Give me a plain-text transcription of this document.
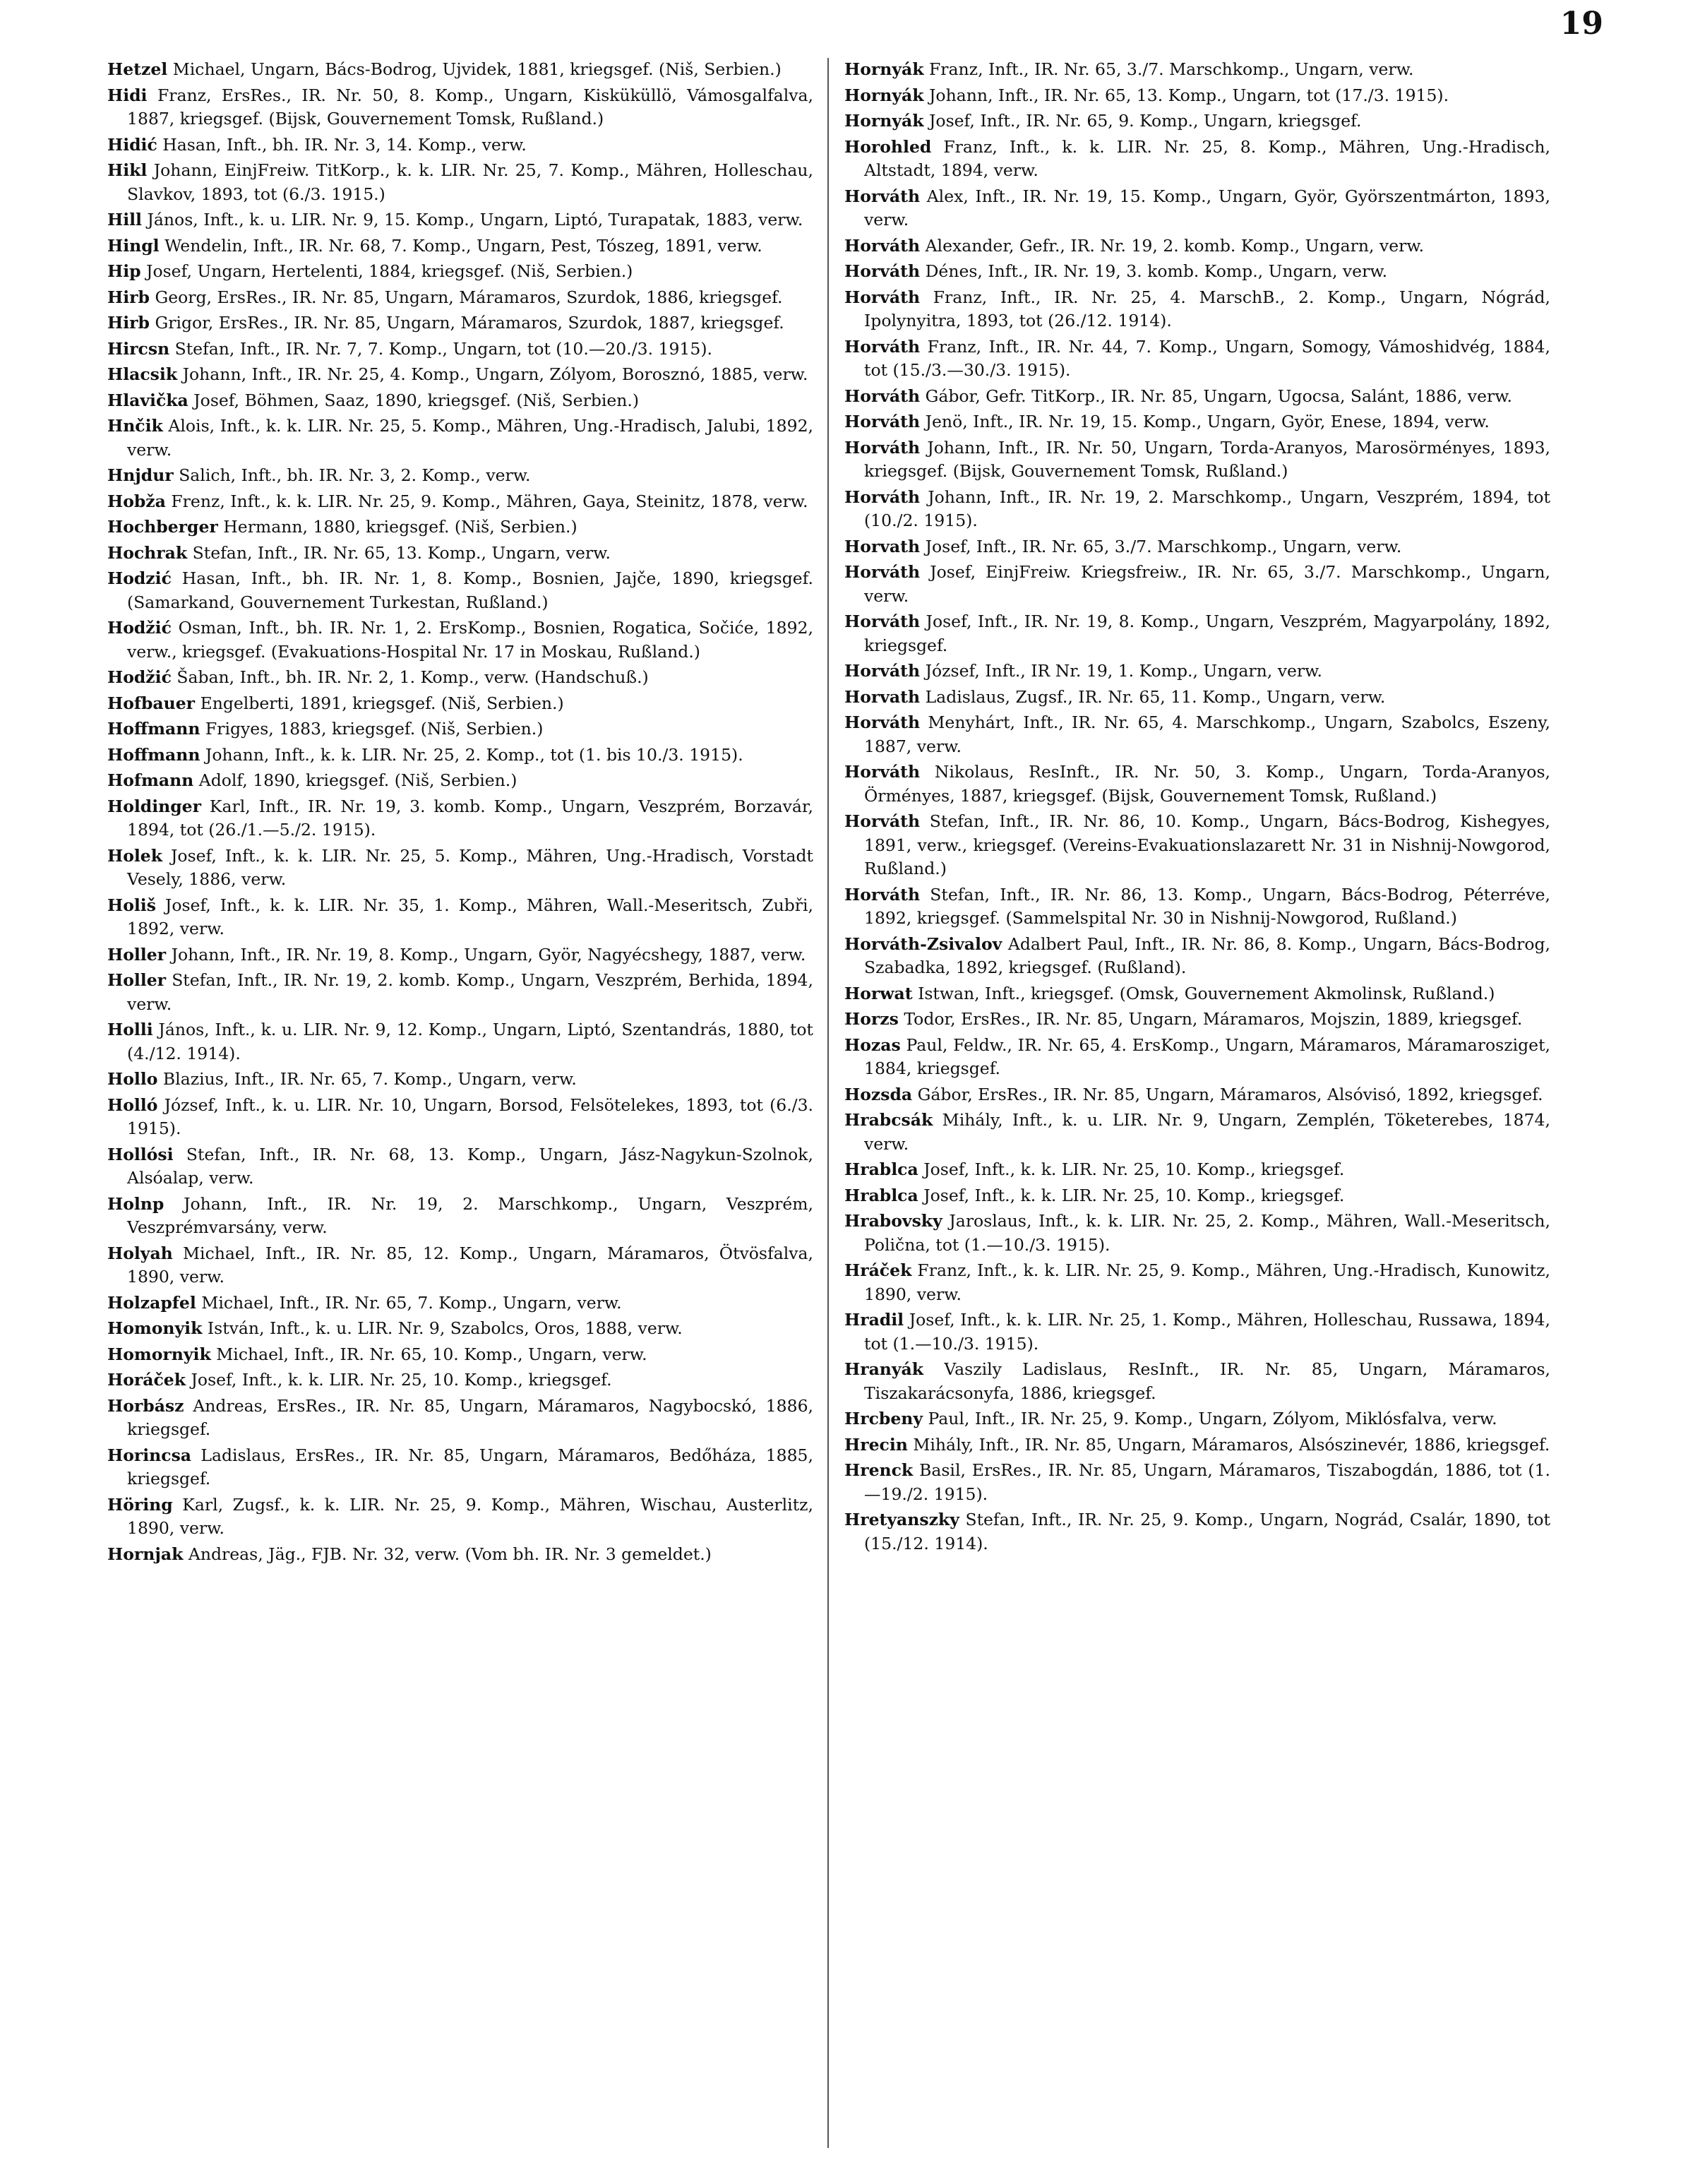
19

Hetzel Michael, Ungarn, Bács-Bodrog, Ujvidek, 1881, kriegsgef. (Niš, Serbien.)

Hidi Franz, ErsRes., IR. Nr. 50, 8. Komp., Ungarn, Kisküküllö, Vámosgalfalva, 1887, kriegsgef. (Bijsk, Gouvernement Tomsk, Rußland.)

Hidić Hasan, Inft., bh. IR. Nr. 3, 14. Komp., verw.

Hikl Johann, EinjFreiw. TitKorp., k. k. LIR. Nr. 25, 7. Komp., Mähren, Holleschau, Slavkov, 1893, tot (6./3. 1915.)

Hill János, Inft., k. u. LIR. Nr. 9, 15. Komp., Ungarn, Liptó, Turapatak, 1883, verw.

Hingl Wendelin, Inft., IR. Nr. 68, 7. Komp., Ungarn, Pest, Tószeg, 1891, verw.

Hip Josef, Ungarn, Hertelenti, 1884, kriegsgef. (Niš, Serbien.)

Hirb Georg, ErsRes., IR. Nr. 85, Ungarn, Máramaros, Szurdok, 1886, kriegsgef.

Hirb Grigor, ErsRes., IR. Nr. 85, Ungarn, Máramaros, Szurdok, 1887, kriegsgef.

Hircsn Stefan, Inft., IR. Nr. 7, 7. Komp., Ungarn, tot (10.—20./3. 1915).

Hlacsik Johann, Inft., IR. Nr. 25, 4. Komp., Ungarn, Zólyom, Borosznó, 1885, verw.

Hlavička Josef, Böhmen, Saaz, 1890, kriegsgef. (Niš, Serbien.)

Hnčik Alois, Inft., k. k. LIR. Nr. 25, 5. Komp., Mähren, Ung.-Hradisch, Jalubi, 1892, verw.

Hnjdur Salich, Inft., bh. IR. Nr. 3, 2. Komp., verw.

Hobža Frenz, Inft., k. k. LIR. Nr. 25, 9. Komp., Mähren, Gaya, Steinitz, 1878, verw.

Hochberger Hermann, 1880, kriegsgef. (Niš, Serbien.)

Hochrak Stefan, Inft., IR. Nr. 65, 13. Komp., Ungarn, verw.

Hodzić Hasan, Inft., bh. IR. Nr. 1, 8. Komp., Bosnien, Jajče, 1890, kriegsgef. (Samarkand, Gouvernement Turkestan, Rußland.)

Hodžić Osman, Inft., bh. IR. Nr. 1, 2. ErsKomp., Bosnien, Rogatica, Sočiće, 1892, verw., kriegsgef. (Evakuations-Hospital Nr. 17 in Moskau, Rußland.)

Hodžić Šaban, Inft., bh. IR. Nr. 2, 1. Komp., verw. (Handschuß.)

Hofbauer Engelberti, 1891, kriegsgef. (Niš, Serbien.)

Hoffmann Frigyes, 1883, kriegsgef. (Niš, Serbien.)

Hoffmann Johann, Inft., k. k. LIR. Nr. 25, 2. Komp., tot (1. bis 10./3. 1915).

Hofmann Adolf, 1890, kriegsgef. (Niš, Serbien.)

Holdinger Karl, Inft., IR. Nr. 19, 3. komb. Komp., Ungarn, Veszprém, Borzavár, 1894, tot (26./1.—5./2. 1915).

Holek Josef, Inft., k. k. LIR. Nr. 25, 5. Komp., Mähren, Ung.-Hradisch, Vorstadt Vesely, 1886, verw.

Holiš Josef, Inft., k. k. LIR. Nr. 35, 1. Komp., Mähren, Wall.-Meseritsch, Zubři, 1892, verw.

Holler Johann, Inft., IR. Nr. 19, 8. Komp., Ungarn, Györ, Nagyécshegy, 1887, verw.

Holler Stefan, Inft., IR. Nr. 19, 2. komb. Komp., Ungarn, Veszprém, Berhida, 1894, verw.

Holli János, Inft., k. u. LIR. Nr. 9, 12. Komp., Ungarn, Liptó, Szentandrás, 1880, tot (4./12. 1914).

Hollo Blazius, Inft., IR. Nr. 65, 7. Komp., Ungarn, verw.

Holló József, Inft., k. u. LIR. Nr. 10, Ungarn, Borsod, Felsötelekes, 1893, tot (6./3. 1915).

Hollósi Stefan, Inft., IR. Nr. 68, 13. Komp., Ungarn, Jász-Nagykun-Szolnok, Alsóalap, verw.

Holnp Johann, Inft., IR. Nr. 19, 2. Marschkomp., Ungarn, Veszprém, Veszprémvarsány, verw.

Holyah Michael, Inft., IR. Nr. 85, 12. Komp., Ungarn, Máramaros, Ötvösfalva, 1890, verw.

Holzapfel Michael, Inft., IR. Nr. 65, 7. Komp., Ungarn, verw.

Homonyik István, Inft., k. u. LIR. Nr. 9, Szabolcs, Oros, 1888, verw.

Homornyik Michael, Inft., IR. Nr. 65, 10. Komp., Ungarn, verw.

Horáček Josef, Inft., k. k. LIR. Nr. 25, 10. Komp., kriegsgef.

Horbász Andreas, ErsRes., IR. Nr. 85, Ungarn, Máramaros, Nagybocskó, 1886, kriegsgef.

Horincsa Ladislaus, ErsRes., IR. Nr. 85, Ungarn, Máramaros, Bedőháza, 1885, kriegsgef.

Höring Karl, Zugsf., k. k. LIR. Nr. 25, 9. Komp., Mähren, Wischau, Austerlitz, 1890, verw.

Hornjak Andreas, Jäg., FJB. Nr. 32, verw. (Vom bh. IR. Nr. 3 gemeldet.)

Hornyák Franz, Inft., IR. Nr. 65, 3./7. Marschkomp., Ungarn, verw.

Hornyák Johann, Inft., IR. Nr. 65, 13. Komp., Ungarn, tot (17./3. 1915).

Hornyák Josef, Inft., IR. Nr. 65, 9. Komp., Ungarn, kriegsgef.

Horohled Franz, Inft., k. k. LIR. Nr. 25, 8. Komp., Mähren, Ung.-Hradisch, Altstadt, 1894, verw.

Horváth Alex, Inft., IR. Nr. 19, 15. Komp., Ungarn, Györ, Györszentmárton, 1893, verw.

Horváth Alexander, Gefr., IR. Nr. 19, 2. komb. Komp., Ungarn, verw.

Horváth Dénes, Inft., IR. Nr. 19, 3. komb. Komp., Ungarn, verw.

Horváth Franz, Inft., IR. Nr. 25, 4. MarschB., 2. Komp., Ungarn, Nógrád, Ipolynyitra, 1893, tot (26./12. 1914).

Horváth Franz, Inft., IR. Nr. 44, 7. Komp., Ungarn, Somogy, Vámoshidvég, 1884, tot (15./3.—30./3. 1915).

Horváth Gábor, Gefr. TitKorp., IR. Nr. 85, Ungarn, Ugocsa, Salánt, 1886, verw.

Horváth Jenö, Inft., IR. Nr. 19, 15. Komp., Ungarn, Györ, Enese, 1894, verw.

Horváth Johann, Inft., IR. Nr. 50, Ungarn, Torda-Aranyos, Marosörményes, 1893, kriegsgef. (Bijsk, Gouvernement Tomsk, Rußland.)

Horváth Johann, Inft., IR. Nr. 19, 2. Marschkomp., Ungarn, Veszprém, 1894, tot (10./2. 1915).

Horvath Josef, Inft., IR. Nr. 65, 3./7. Marschkomp., Ungarn, verw.

Horváth Josef, EinjFreiw. Kriegsfreiw., IR. Nr. 65, 3./7. Marschkomp., Ungarn, verw.

Horváth Josef, Inft., IR. Nr. 19, 8. Komp., Ungarn, Veszprém, Magyarpolány, 1892, kriegsgef.

Horváth József, Inft., IR Nr. 19, 1. Komp., Ungarn, verw.

Horvath Ladislaus, Zugsf., IR. Nr. 65, 11. Komp., Ungarn, verw.

Horváth Menyhárt, Inft., IR. Nr. 65, 4. Marschkomp., Ungarn, Szabolcs, Eszeny, 1887, verw.

Horváth Nikolaus, ResInft., IR. Nr. 50, 3. Komp., Ungarn, Torda-Aranyos, Örményes, 1887, kriegsgef. (Bijsk, Gouvernement Tomsk, Rußland.)

Horváth Stefan, Inft., IR. Nr. 86, 10. Komp., Ungarn, Bács-Bodrog, Kishegyes, 1891, verw., kriegsgef. (Vereins-Evakuationslazarett Nr. 31 in Nishnij-Nowgorod, Rußland.)

Horváth Stefan, Inft., IR. Nr. 86, 13. Komp., Ungarn, Bács-Bodrog, Péterréve, 1892, kriegsgef. (Sammelspital Nr. 30 in Nishnij-Nowgorod, Rußland.)

Horváth-Zsivalov Adalbert Paul, Inft., IR. Nr. 86, 8. Komp., Ungarn, Bács-Bodrog, Szabadka, 1892, kriegsgef. (Rußland).

Horwat Istwan, Inft., kriegsgef. (Omsk, Gouvernement Akmolinsk, Rußland.)

Horzs Todor, ErsRes., IR. Nr. 85, Ungarn, Máramaros, Mojszin, 1889, kriegsgef.

Hozas Paul, Feldw., IR. Nr. 65, 4. ErsKomp., Ungarn, Máramaros, Máramarosziget, 1884, kriegsgef.

Hozsda Gábor, ErsRes., IR. Nr. 85, Ungarn, Máramaros, Alsóvisó, 1892, kriegsgef.

Hrabcsák Mihály, Inft., k. u. LIR. Nr. 9, Ungarn, Zemplén, Töketerebes, 1874, verw.

Hrablca Josef, Inft., k. k. LIR. Nr. 25, 10. Komp., kriegsgef.

Hrablca Josef, Inft., k. k. LIR. Nr. 25, 10. Komp., kriegsgef.

Hrabovsky Jaroslaus, Inft., k. k. LIR. Nr. 25, 2. Komp., Mähren, Wall.-Meseritsch, Polična, tot (1.—10./3. 1915).

Hráček Franz, Inft., k. k. LIR. Nr. 25, 9. Komp., Mähren, Ung.-Hradisch, Kunowitz, 1890, verw.

Hradil Josef, Inft., k. k. LIR. Nr. 25, 1. Komp., Mähren, Holleschau, Russawa, 1894, tot (1.—10./3. 1915).

Hranyák Vaszily Ladislaus, ResInft., IR. Nr. 85, Ungarn, Máramaros, Tiszakarácsonyfa, 1886, kriegsgef.

Hrcbeny Paul, Inft., IR. Nr. 25, 9. Komp., Ungarn, Zólyom, Miklósfalva, verw.

Hrecin Mihály, Inft., IR. Nr. 85, Ungarn, Máramaros, Alsószinevér, 1886, kriegsgef.

Hrenck Basil, ErsRes., IR. Nr. 85, Ungarn, Máramaros, Tiszabogdán, 1886, tot (1.—19./2. 1915).

Hretyanszky Stefan, Inft., IR. Nr. 25, 9. Komp., Ungarn, Nográd, Csalár, 1890, tot (15./12. 1914).
